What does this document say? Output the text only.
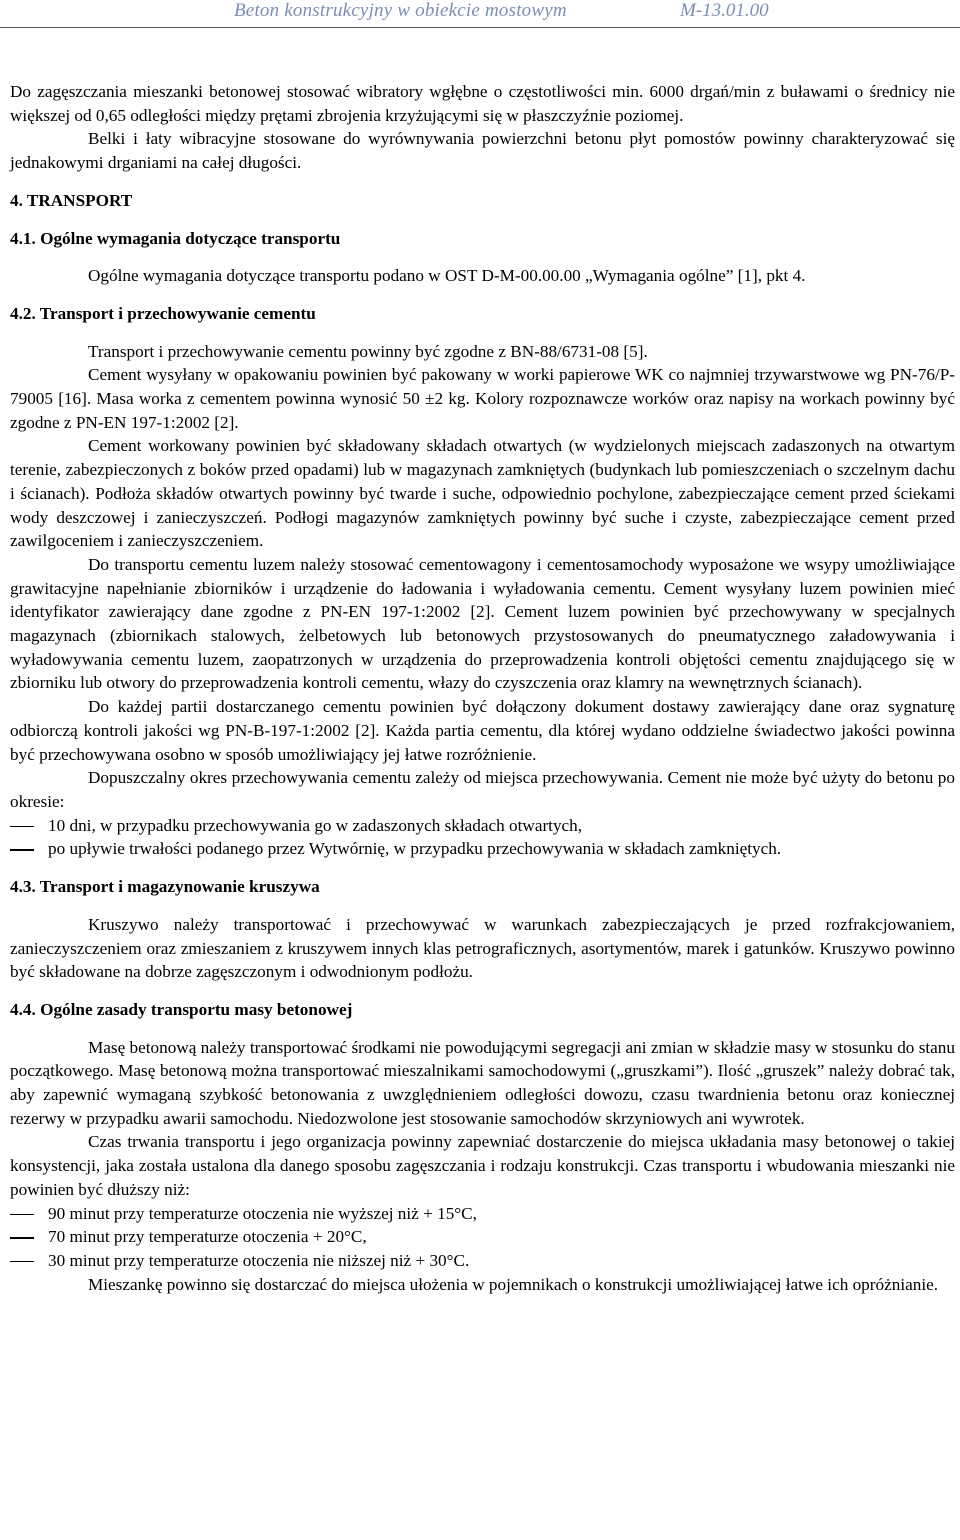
Beton konstrukcyjny w obiekcie mostowym	M-13.01.00

Do zagęszczania mieszanki betonowej stosować wibratory wgłębne o częstotliwości min. 6000 drgań/min z buławami o średnicy nie większej od 0,65 odległości między prętami zbrojenia krzyżującymi się w płaszczyźnie poziomej.

Belki i łaty wibracyjne stosowane do wyrównywania powierzchni betonu płyt pomostów powinny charakteryzować się jednakowymi drganiami na całej długości.

4. TRANSPORT
4.1. Ogólne wymagania dotyczące transportu

Ogólne wymagania dotyczące transportu podano w OST D-M-00.00.00 „Wymagania ogólne” [1], pkt 4.

4.2. Transport i przechowywanie cementu

Transport i przechowywanie cementu powinny być zgodne z BN-88/6731-08 [5].

Cement wysyłany w opakowaniu powinien być pakowany w worki papierowe WK co najmniej trzywarstwowe wg PN-76/P-79005 [16]. Masa worka z cementem powinna wynosić 50 ±2 kg. Kolory rozpoznawcze worków oraz napisy na workach powinny być zgodne z PN-EN 197-1:2002 [2].

Cement workowany powinien być składowany składach otwartych (w wydzielonych miejscach zadaszonych na otwartym terenie, zabezpieczonych z boków przed opadami) lub w magazynach zamkniętych (budynkach lub pomieszczeniach o szczelnym dachu i ścianach). Podłoża składów otwartych powinny być twarde i suche, odpowiednio pochylone, zabezpieczające cement przed ściekami wody deszczowej i zanieczyszczeń. Podłogi magazynów zamkniętych powinny być suche i czyste, zabezpieczające cement przed zawilgoceniem i zanieczyszczeniem.

Do transportu cementu luzem należy stosować cementowagony i cementosamochody wyposażone we wsypy umożliwiające grawitacyjne napełnianie zbiorników i urządzenie do ładowania i wyładowania cementu. Cement wysyłany luzem powinien mieć identyfikator zawierający dane zgodne z PN-EN 197-1:2002 [2]. Cement luzem powinien być przechowywany w specjalnych magazynach (zbiornikach stalowych, żelbetowych lub betonowych przystosowanych do pneumatycznego załadowywania i wyładowywania cementu luzem, zaopatrzonych w urządzenia do przeprowadzenia kontroli objętości cementu znajdującego się w zbiorniku lub otwory do przeprowadzenia kontroli cementu, włazy do czyszczenia oraz klamry na wewnętrznych ścianach).

Do każdej partii dostarczanego cementu powinien być dołączony dokument dostawy zawierający dane oraz sygnaturę odbiorczą kontroli jakości wg PN-B-197-1:2002 [2]. Każda partia cementu, dla której wydano oddzielne świadectwo jakości powinna być przechowywana osobno w sposób umożliwiający jej łatwe rozróżnienie.

Dopuszczalny okres przechowywania cementu zależy od miejsca przechowywania. Cement nie może być użyty do betonu po okresie:

10 dni, w przypadku przechowywania go w zadaszonych składach otwartych,
po upływie trwałości podanego przez Wytwórnię, w przypadku przechowywania w składach zamkniętych.
4.3. Transport i magazynowanie kruszywa

Kruszywo należy transportować i przechowywać w warunkach zabezpieczających je przed rozfrakcjowaniem, zanieczyszczeniem oraz zmieszaniem z kruszywem innych klas petrograficznych, asortymentów, marek i gatunków. Kruszywo powinno być składowane na dobrze zagęszczonym i odwodnionym podłożu.

4.4. Ogólne zasady transportu masy betonowej

Masę betonową należy transportować środkami nie powodującymi segregacji ani zmian w składzie masy w stosunku do stanu początkowego. Masę betonową można transportować mieszalnikami samochodowymi („gruszkami”). Ilość „gruszek” należy dobrać tak, aby zapewnić wymaganą szybkość betonowania z uwzględnieniem odległości dowozu, czasu twardnienia betonu oraz koniecznej rezerwy w przypadku awarii samochodu. Niedozwolone jest stosowanie samochodów skrzyniowych ani wywrotek.

Czas trwania transportu i jego organizacja powinny zapewniać dostarczenie do miejsca układania masy betonowej o takiej konsystencji, jaka została ustalona dla danego sposobu zagęszczania i rodzaju konstrukcji. Czas transportu i wbudowania mieszanki nie powinien być dłuższy niż:

90 minut przy temperaturze otoczenia nie wyższej niż + 15°C,
70 minut przy temperaturze otoczenia + 20°C,
30 minut przy temperaturze otoczenia nie niższej niż + 30°C.

Mieszankę powinno się dostarczać do miejsca ułożenia w pojemnikach o konstrukcji umożliwiającej łatwe ich opróżnianie.
